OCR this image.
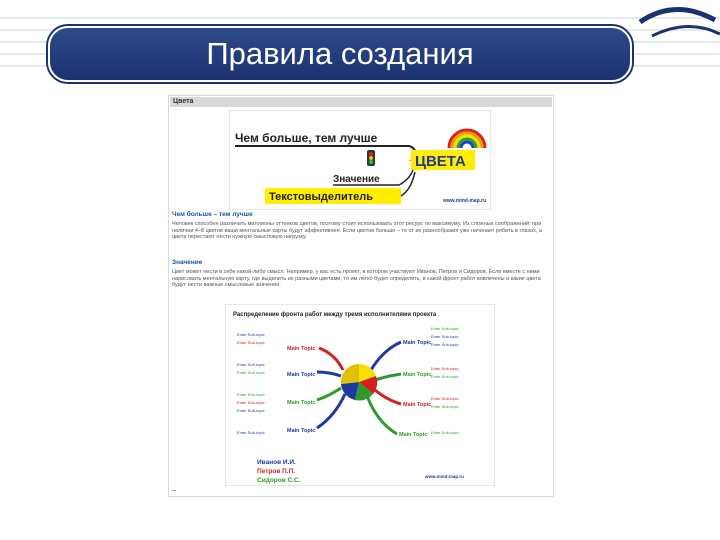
Правила создания
Цвета
Чем больше, тем лучше
ЦВЕТА
Значение
Текстовыделитель	www.mind-map.ru
Чем больше – тем лучше
Человек способен различать миллионы оттенков цветов, поэтому стоит использовать этот ресурс по максимуму. Из сложных соображений: при наличии 4–8 цветов ваши ментальные карты будут эффективнее. Если цветов больше – то от их разнообразия уже начинает рябить в глазах, а цвета перестают нести нужную смысловую нагрузку.
Значение
Цвет может нести в себе какой-либо смысл. Например, у вас есть проект, в котором участвуют Иванов, Петров и Сидоров. Если вместе с ними нарисовать ментальную карту, где выделить их разными цветами, то им легко будет определить, в какой фронт работ вовлечены и какие цвета будут нести важные смысловые значения.
Распределение фронта работ между тремя исполнителями проекта
Main Topic
Main Topic
Main Topic
Main Topic
Main Topic
Main Topic
Main Topic
Main Topic
Enter Sub-topic
Enter Sub-topic
Enter Sub-topic
Enter Sub-topic
Enter Sub-topic
Enter Sub-topic
Enter Sub-topic
Enter Sub-topic
Enter Sub-topic
Enter Sub-topic
Enter Sub-topic
Enter Sub-topic
Enter Sub-topic
Enter Sub-topic
Enter Sub-topic
Enter Sub-topic
Иванов И.И.
Петров П.П.
Сидоров С.С.
www.mind-map.ru
–
